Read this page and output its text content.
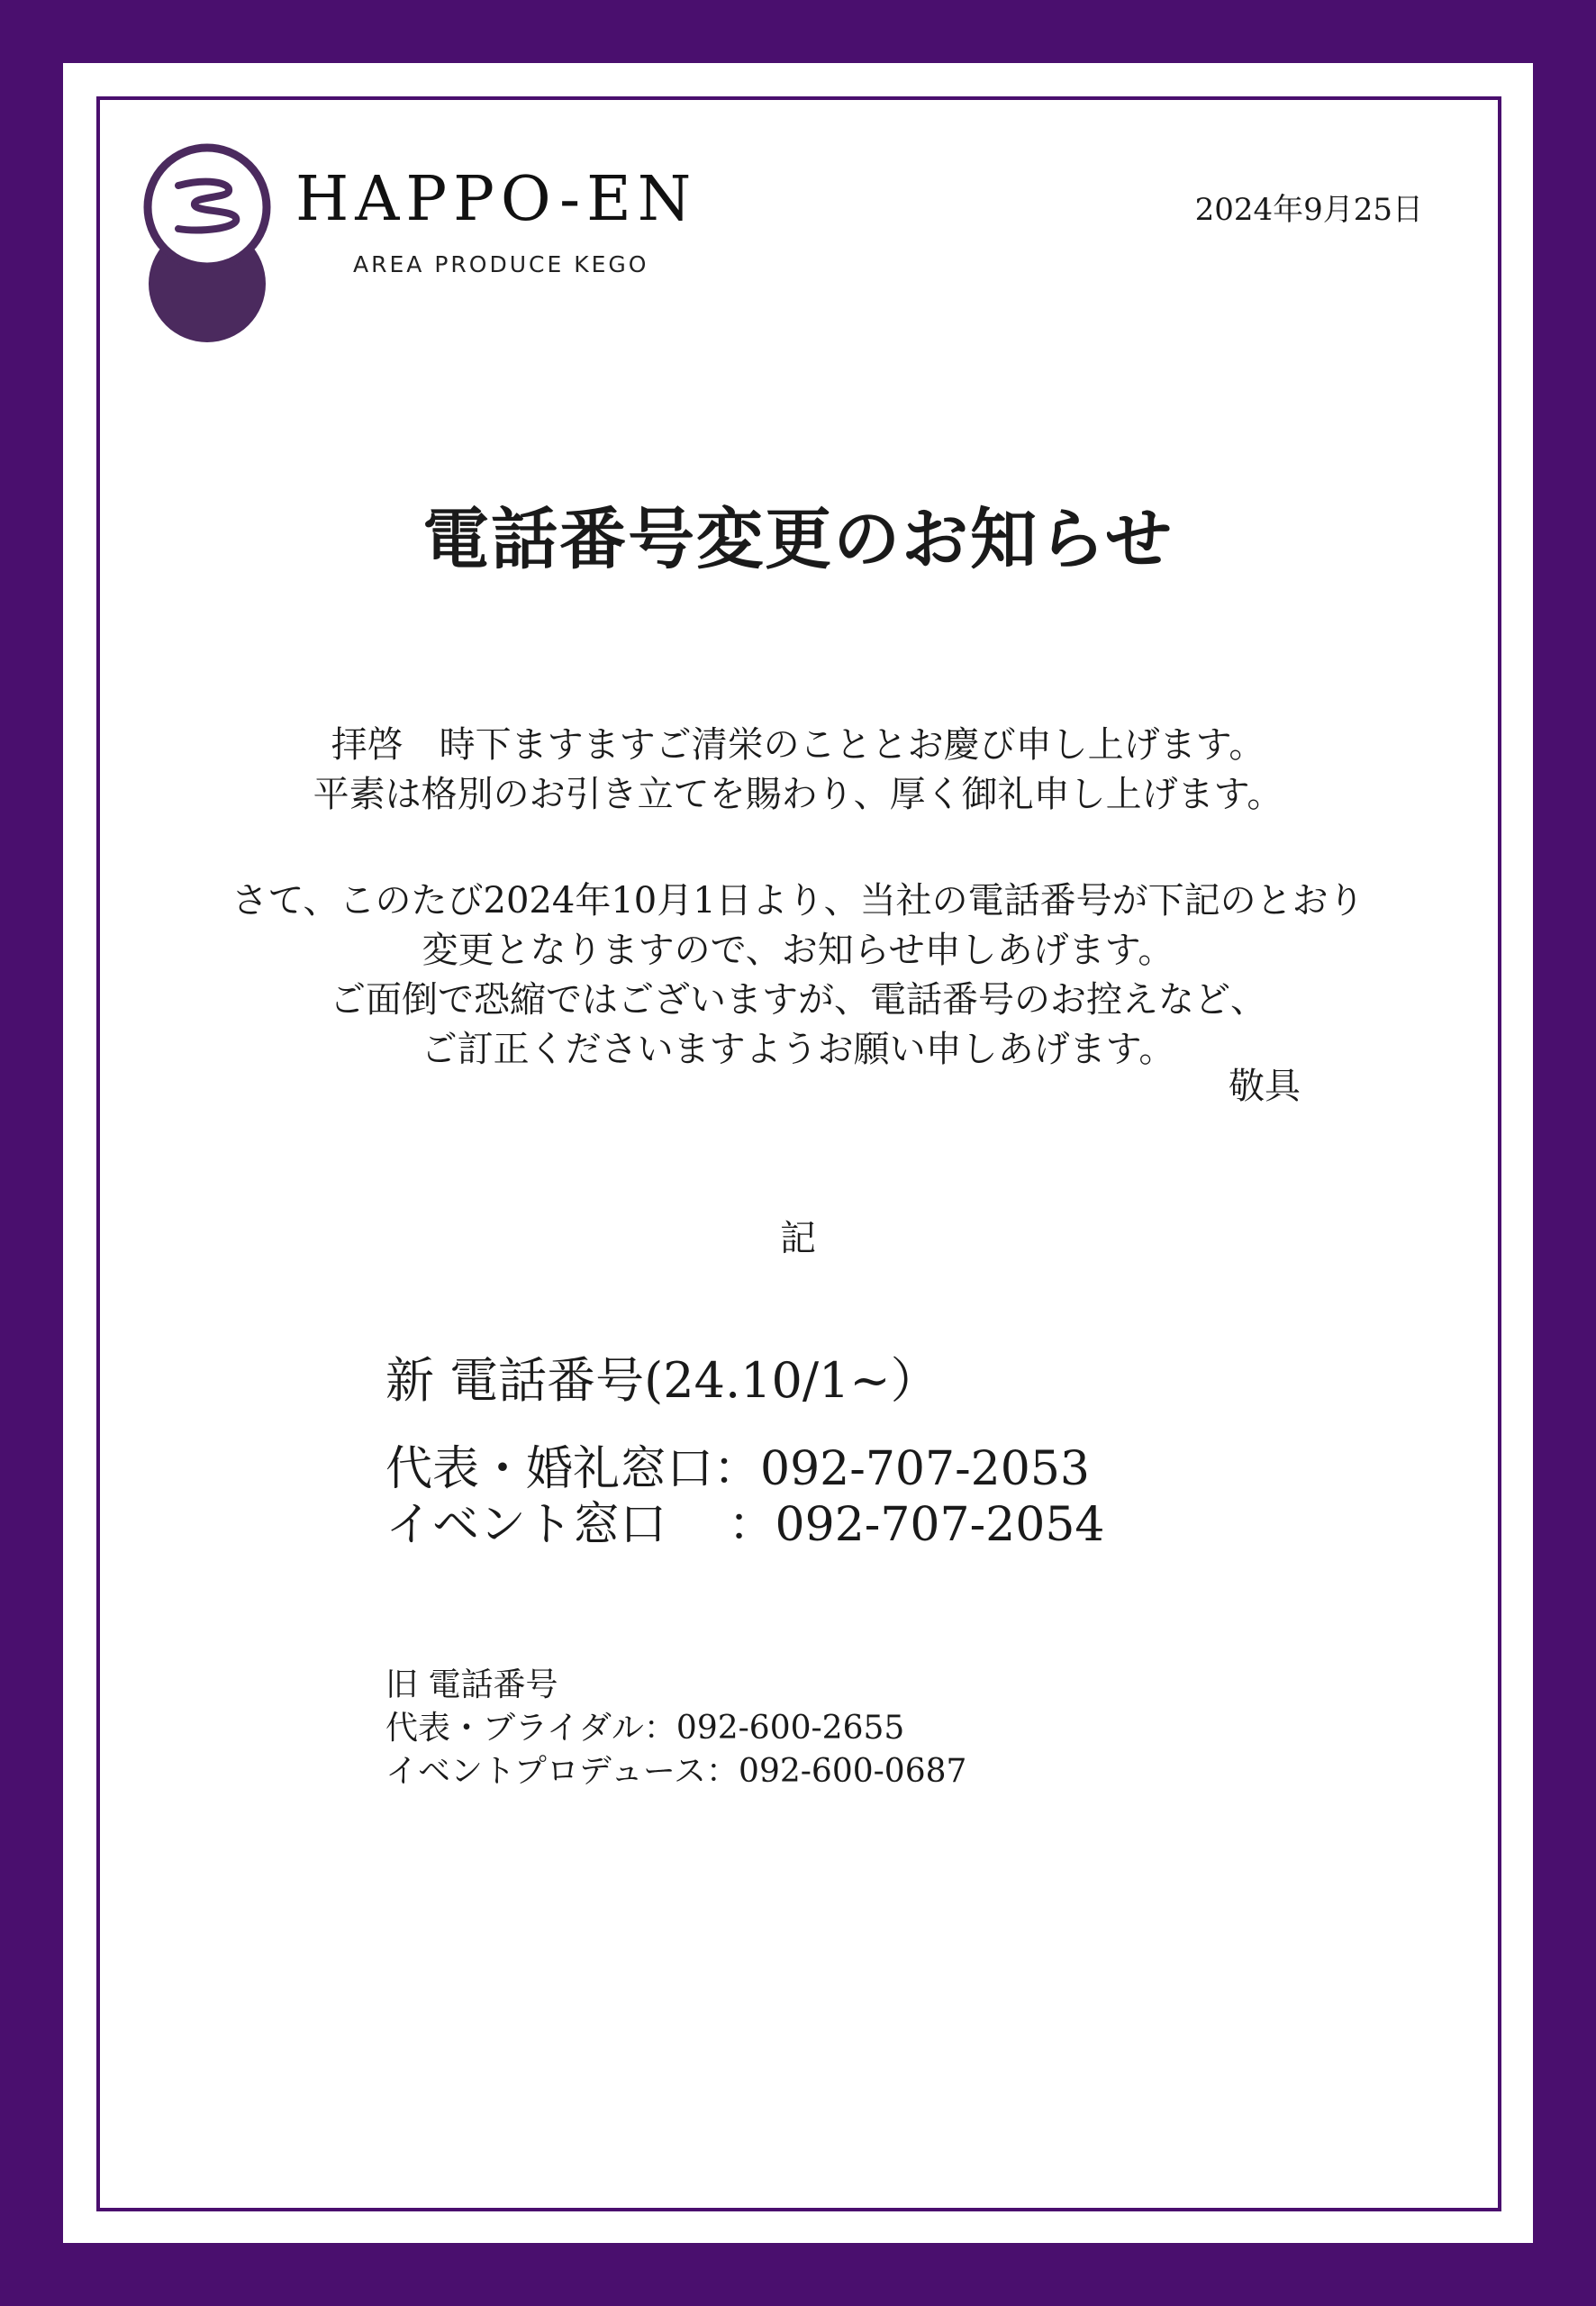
HAPPO-EN
AREA PRODUCE KEGO
2024年9月25日
電話番号変更のお知らせ
拝啓　時下ますますご清栄のこととお慶び申し上げます。
平素は格別のお引き立てを賜わり、厚く御礼申し上げます。
さて、このたび2024年10月1日より、当社の電話番号が下記のとおり
変更となりますので、お知らせ申しあげます。
ご面倒で恐縮ではございますが、電話番号のお控えなど、
ご訂正くださいますようお願い申しあげます。
敬具
記
新 電話番号(24.10/1~）
代表・婚礼窓口：092-707-2053
イベント窓口　 ：092-707-2054
旧 電話番号
代表・ブライダル：092-600-2655
イベントプロデュース：092-600-0687
